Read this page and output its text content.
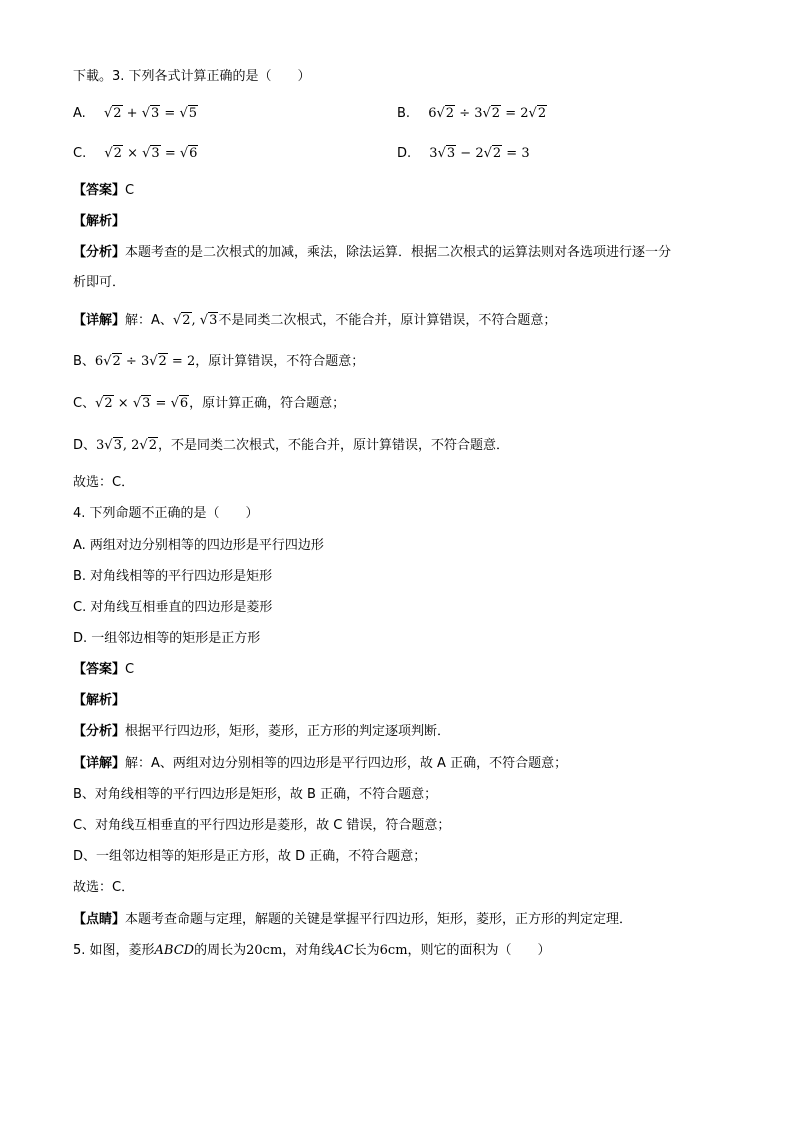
下載。3. 下列各式计算正确的是（　　）
A. √2 + √3 = √5	B. 6√2 ÷ 3√2 = 2√2
C. √2 × √3 = √6	D. 3√3 − 2√2 = 3
【答案】C
【解析】
【分析】本题考查的是二次根式的加减，乘法，除法运算．根据二次根式的运算法则对各选项进行逐一分
析即可．
【详解】解：A、√2, √3不是同类二次根式，不能合并，原计算错误，不符合题意；
B、6√2 ÷ 3√2 = 2，原计算错误，不符合题意；
C、√2 × √3 = √6，原计算正确，符合题意；
D、3√3, 2√2，不是同类二次根式，不能合并，原计算错误，不符合题意．
故选：C．
4. 下列命题不正确的是（　　）
A. 两组对边分别相等的四边形是平行四边形
B. 对角线相等的平行四边形是矩形
C. 对角线互相垂直的四边形是菱形
D. 一组邻边相等的矩形是正方形
【答案】C
【解析】
【分析】根据平行四边形，矩形，菱形，正方形的判定逐项判断．
【详解】解：A、两组对边分别相等的四边形是平行四边形，故 A 正确，不符合题意；
B、对角线相等的平行四边形是矩形，故 B 正确，不符合题意；
C、对角线互相垂直的平行四边形是菱形，故 C 错误，符合题意；
D、一组邻边相等的矩形是正方形，故 D 正确，不符合题意；
故选：C．
【点睛】本题考查命题与定理，解题的关键是掌握平行四边形，矩形，菱形，正方形的判定定理．
5. 如图，菱形ABCD的周长为20cm，对角线AC长为6cm，则它的面积为（　　）
